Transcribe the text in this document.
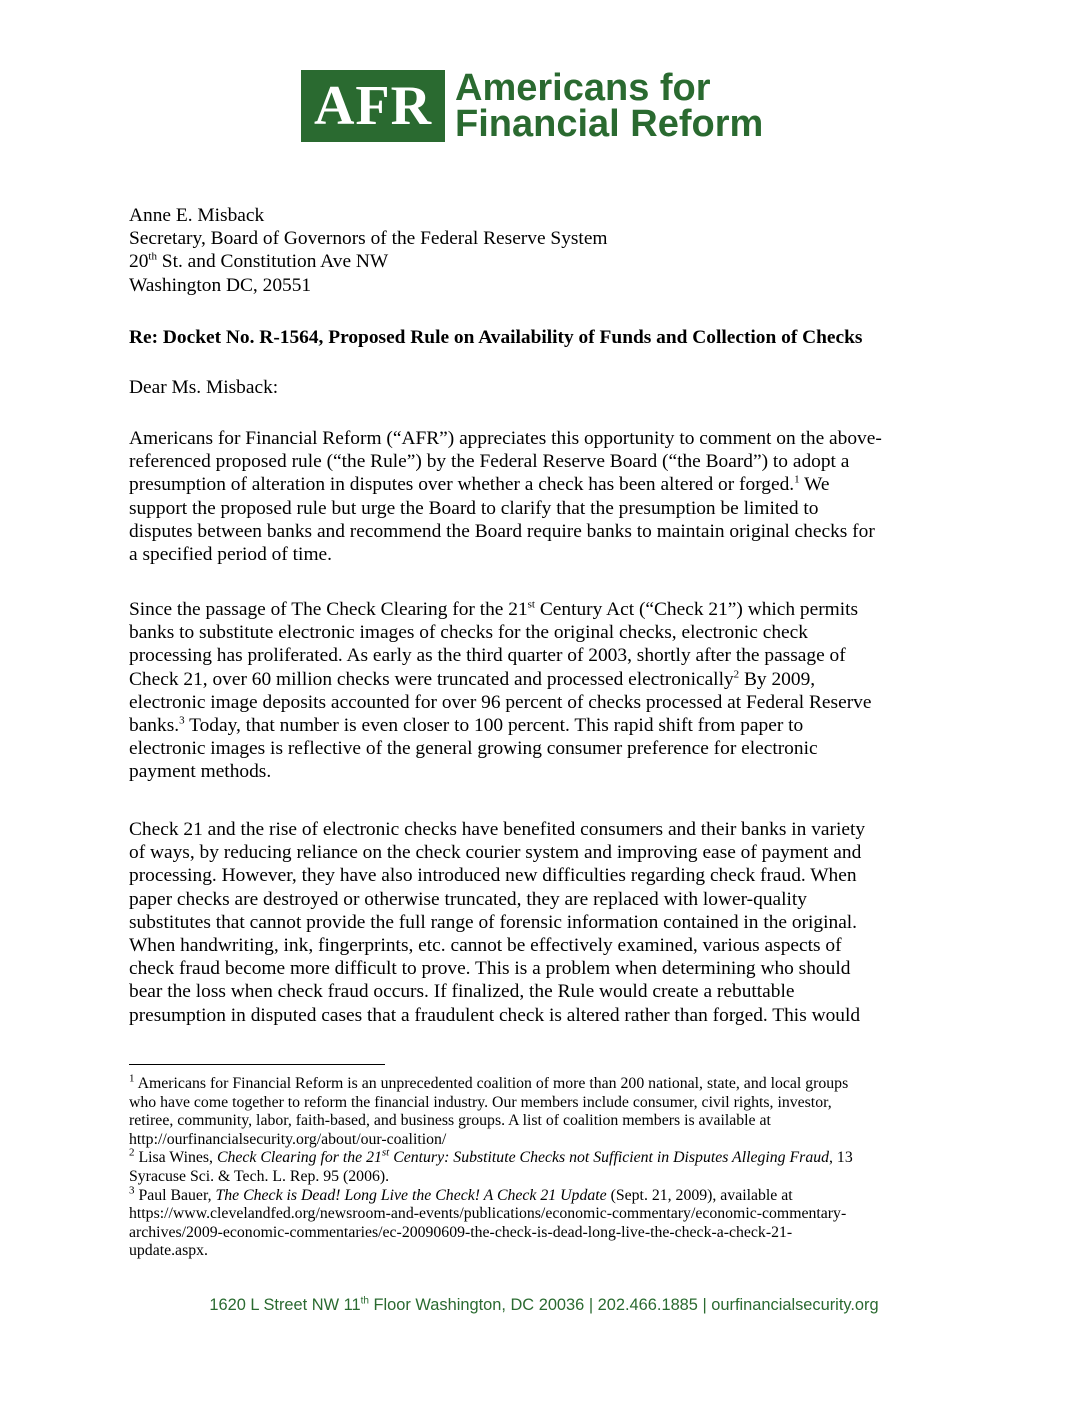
AFR Americans for
Financial Reform
Anne E. Misback
Secretary, Board of Governors of the Federal Reserve System
20th St. and Constitution Ave NW
Washington DC, 20551
Re: Docket No. R-1564, Proposed Rule on Availability of Funds and Collection of Checks
Dear Ms. Misback:
Americans for Financial Reform (“AFR”) appreciates this opportunity to comment on the above-
referenced proposed rule (“the Rule”) by the Federal Reserve Board (“the Board”) to adopt a
presumption of alteration in disputes over whether a check has been altered or forged.$^1$ We
support the proposed rule but urge the Board to clarify that the presumption be limited to
disputes between banks and recommend the Board require banks to maintain original checks for
a specified period of time.
Since the passage of The Check Clearing for the 21st Century Act (“Check 21”) which permits
banks to substitute electronic images of checks for the original checks, electronic check
processing has proliferated. As early as the third quarter of 2003, shortly after the passage of
Check 21, over 60 million checks were truncated and processed electronically$^2$ By 2009,
electronic image deposits accounted for over 96 percent of checks processed at Federal Reserve
banks.$^3$ Today, that number is even closer to 100 percent. This rapid shift from paper to
electronic images is reflective of the general growing consumer preference for electronic
payment methods.
Check 21 and the rise of electronic checks have benefited consumers and their banks in variety
of ways, by reducing reliance on the check courier system and improving ease of payment and
processing. However, they have also introduced new difficulties regarding check fraud. When
paper checks are destroyed or otherwise truncated, they are replaced with lower-quality
substitutes that cannot provide the full range of forensic information contained in the original.
When handwriting, ink, fingerprints, etc. cannot be effectively examined, various aspects of
check fraud become more difficult to prove. This is a problem when determining who should
bear the loss when check fraud occurs. If finalized, the Rule would create a rebuttable
presumption in disputed cases that a fraudulent check is altered rather than forged. This would
$^1$ Americans for Financial Reform is an unprecedented coalition of more than 200 national, state, and local groups
who have come together to reform the financial industry. Our members include consumer, civil rights, investor,
retiree, community, labor, faith-based, and business groups. A list of coalition members is available at
http://ourfinancialsecurity.org/about/our-coalition/
$^2$ Lisa Wines, Check Clearing for the 21st Century: Substitute Checks not Sufficient in Disputes Alleging Fraud, 13
Syracuse Sci. & Tech. L. Rep. 95 (2006).
$^3$ Paul Bauer, The Check is Dead! Long Live the Check! A Check 21 Update (Sept. 21, 2009), available at
https://www.clevelandfed.org/newsroom-and-events/publications/economic-commentary/economic-commentary-
archives/2009-economic-commentaries/ec-20090609-the-check-is-dead-long-live-the-check-a-check-21-
update.aspx.
1620 L Street NW 11th Floor Washington, DC 20036 | 202.466.1885 | ourfinancialsecurity.org
